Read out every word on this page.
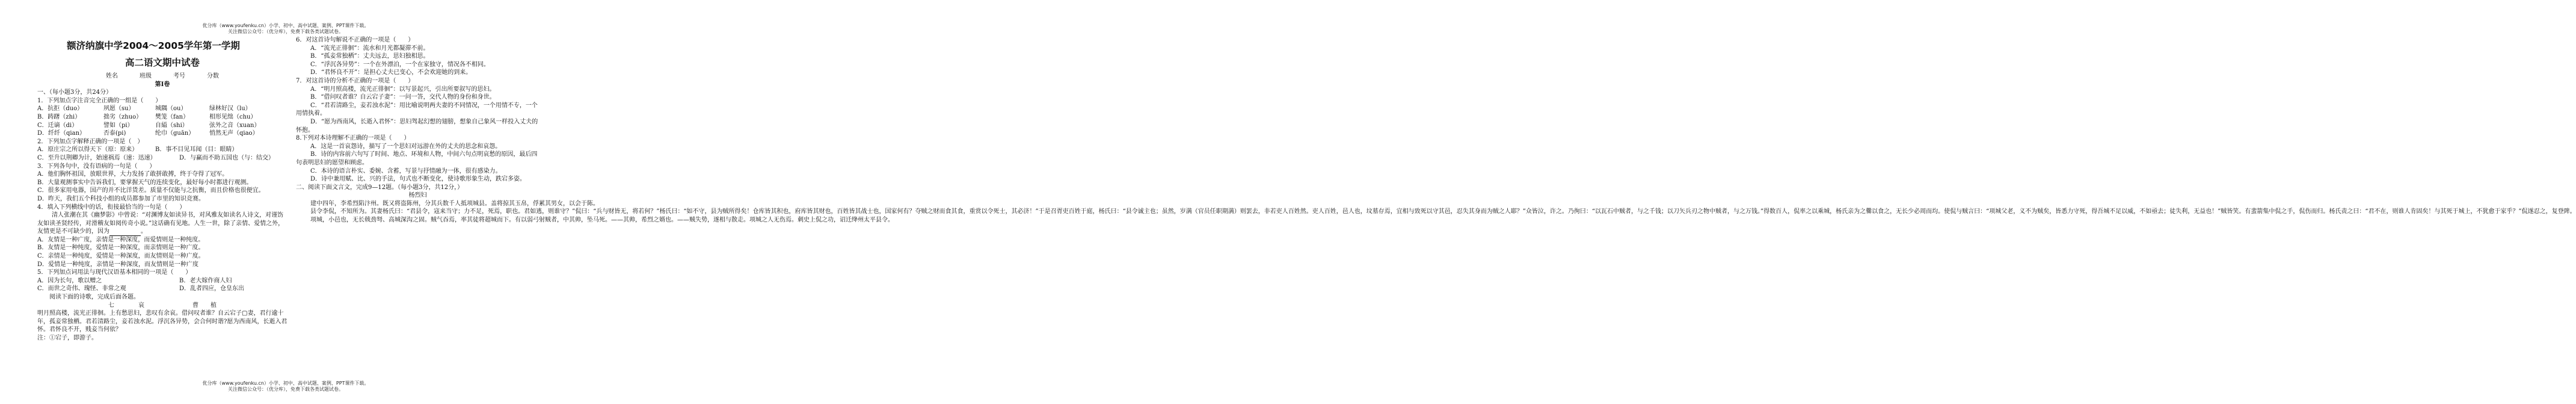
优分库（www.youfenku.cn）小学、初中、高中试题、案例、PPT课件下载。
关注微信公众号：（优分库），免费下载各类试题试卷。
额济纳旗中学2004～2005学年第一学期
高二语文期中试卷
姓名	班级	考号	分数
第Ⅰ卷
一、（每小题3分，共24分）
1．下列加点字注音完全正确的一组是（　　）
A．抗拒（duo）	夙愿（su）	城隅（ou）	绿林好汉（lu）
B．踌躇（zhi）	拙劣（zhuo）	樊笼（fan）	相形见绌（chu）
C．迁谪（di）	譬如（pi）	自縊（shi）	弦外之音（xuan）
D．纤纤（qian）	否泰(pi)	纶巾（guān）	悄然无声（qiao）
2．下列加点字解释正确的一项是（　）
A．原庄宗之所以得天下（原：原来）	B．事不目见耳闻（目：眼睛）
C．至升以荆卿为计，始速祸焉（速：迅速）	D．与赢而不助五国也（与：结交）
3．下列各句中，没有语病的一句是（　　）
A．他们胸怀祖国，放眼世界，大力发扬了敢拼敢搏，终于夺得了冠军。
B．大量观测事实中告诉我们，要掌握天气的连续变化，最好每小时都进行观测。
C．很多家用电器，国产的并不比洋货差。质量不仅能与之抗衡，而且价格也很便宜。
D．昨天，我们五个科技小组的成员都参加了市里的知识竞赛。
4．填入下列横线中的话，衔接最恰当的一句是（　　）
清人张潮在其《幽梦影》中曾说：“对渊博友如读异书，对风雅友如读名人诗文，对谨饬友如读圣贤经传，对滑稽友如阅传奇小说。”这话确有见地。人生一世，除了亲情、爱情之外，友情更是不可缺少的，因为	。
A．友情是一种广度，亲情是一种深度，而爱情则是一种纯度。
B．友情是一种纯度，爱情是一种深度，而亲情则是一种广度。
C．亲情是一种纯度，爱情是一种深度，而友情则是一种广度。
D．爱情是一种纯度，亲情是一种深度，而友情则是一种广度
5．下列加点词用法与现代汉语基本相同的一项是（　　）
A．因为长句，歌以赠之	B．老大嫁作商人妇
C．而世之奇伟、瑰怪、非常之观	D．乱者四应，仓皇东出
阅读下面的诗歌，完成后面各题。
七	哀	曹　　植
明月照高楼，流光正徘徊。上有愁思妇，悲叹有余哀。借问叹者谁？自云宕子▢妻，君行逾十年，孤妾常独栖。君若清路尘，妾若浊水泥。浮沉各异势，会合何时谐?愿为西南风，长逝入君怀。君怀良不开，贱妾当何依？
注：①宕子，即游子。
6．对这首诗句解说不正确的一项是（　　）
A．“流光正徘徊”：流水和月光都凝滞不前。
B．“孤妾常独栖”：丈夫远去，思妇独相思。
C．“浮沉各异势”：一个在外漂泊，一个在家独守，情况各不相同。
D．“君怀良不开”：是担心丈夫已变心，不会欢迎她的到来。
7．对这首诗的分析不正确的一项是（　　）
A．“明月照高楼，流光正徘徊”：以写景起兴，引出所要叙写的思妇。
B．“借问叹者谁？自云宕子妻”：一问一答，交代人物的身份和身世。
C．“君若清路尘，妾若浊水泥”：用比喻说明两夫妻的不同情况，一个用情不专，一个用情执着。
D．“愿为西南风，长逝入君怀”：思妇驾起幻想的翅膀，想象自己象风一样投入丈夫的怀抱。
8.下列对本诗理解不正确的一项是（　　）
A．这是一首哀怨诗，描写了一个思妇对远游在外的丈夫的思念和哀怨。
B．诗的内容前六句写了时间、地点、环境和人物，中间六句点明哀愁的原因，最后四句表明思妇的愿望和顾虑。
C．本诗的语言朴实、委婉、含蓄，写景与抒情融为一体，很有感染力。
D．诗中兼用赋、比、兴的手法，句式也不断变化，使诗歌形象生动，跌宕多姿。
二、阅读下面文言文，完成9—12题。（每小题3分，共12分，）
杨烈妇
建中四年，李希烈陷汴州。既又将盗陈州，分其兵数千人抵项城县。盖将掠其玉帛，俘累其男女，以会于陈。
县令李侃，不知所为。其妻杨氏曰：“君县令，寇来当守；力不足，死焉，职也。君如逃，则谁守？”侃曰：“兵与财皆无，将若何？”杨氏曰：“如不守，县为贼所得矣！仓库皆其积也，府库皆其财也，百姓皆其战士也，国家何有？夺贼之财而食其食，重赏以令死士，其必济！”于是召胥吏百姓于庭，杨氏曰：“县令诚主也；虽然，岁满（官员任职期满）则罢去，非若吏人百姓然。吏人百姓，邑人也，坟墓存焉，宜相与致死以守其邑，忍失其身而为贼之人耶？”众皆泣，许之。乃徇曰：“以瓦石中贼者，与之千钱；以刀矢兵刃之物中贼者，与之万钱。”得数百人，侃率之以乘城，杨氏亲为之爨以食之，无长少必周而均。使侃与贼言曰：“项城父老，义不为贼矣，皆悉力守死，得吾城不足以威，不如亟去；徒失利，无益也！”贼皆笑。有蜚箭集中侃之手，侃伤而归。杨氏责之曰：“君不在，则谁人肯固矣！与其死于城上，不犹愈于家乎？”侃遂忍之，复登陴。
项城，小邑也，无长戟劲弩、高城深沟之固。贼气吞焉，率其徒将超城而下。有以弱弓射贼者，中其帅，坠马死。——其帅，希烈之婿也。——贼失势，遂相与散走。项城之人无伤焉。刺史上侃之功，诏迁绛州太平县令。
优分库（www.youfenku.cn）小学、初中、高中试题、案例、PPT课件下载。
关注微信公众号：（优分库），免费下载各类试题试卷。
